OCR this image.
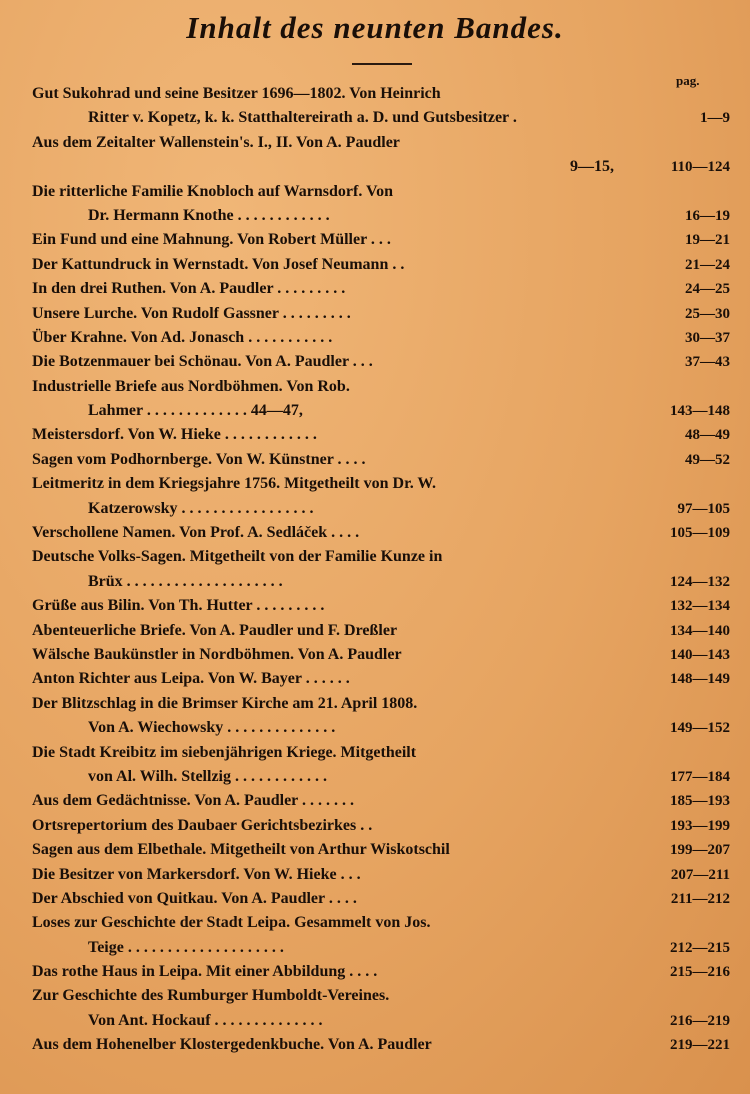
Inhalt des neunten Bandes.
pag.
Gut Sukohrad und seine Besitzer 1696—1802. Von Heinrich
Ritter v. Kopetz, k. k. Statthaltereirath a. D. und Gutsbesitzer .	1—9
Aus dem Zeitalter Wallenstein's. I., II. Von A. Paudler
9—15,	110—124
Die ritterliche Familie Knobloch auf Warnsdorf. Von
Dr. Hermann Knothe . . . . . . . . . . . .	16—19
Ein Fund und eine Mahnung. Von Robert Müller . . .	19—21
Der Kattundruck in Wernstadt. Von Josef Neumann . .	21—24
In den drei Ruthen. Von A. Paudler . . . . . . . . .	24—25
Unsere Lurche. Von Rudolf Gassner . . . . . . . . .	25—30
Über Krahne. Von Ad. Jonasch . . . . . . . . . . .	30—37
Die Botzenmauer bei Schönau. Von A. Paudler . . .	37—43
Industrielle Briefe aus Nordböhmen. Von Rob.
Lahmer . . . . . . . . . . . . . 44—47,	143—148
Meistersdorf. Von W. Hieke . . . . . . . . . . . .	48—49
Sagen vom Podhornberge. Von W. Künstner . . . .	49—52
Leitmeritz in dem Kriegsjahre 1756. Mitgetheilt von Dr. W.
Katzerowsky . . . . . . . . . . . . . . . . .	97—105
Verschollene Namen. Von Prof. A. Sedláček . . . .	105—109
Deutsche Volks-Sagen. Mitgetheilt von der Familie Kunze in
Brüx . . . . . . . . . . . . . . . . . . . .	124—132
Grüße aus Bilin. Von Th. Hutter . . . . . . . . .	132—134
Abenteuerliche Briefe. Von A. Paudler und F. Dreßler	134—140
Wälsche Baukünstler in Nordböhmen. Von A. Paudler	140—143
Anton Richter aus Leipa. Von W. Bayer . . . . . .	148—149
Der Blitzschlag in die Brimser Kirche am 21. April 1808.
Von A. Wiechowsky . . . . . . . . . . . . . .	149—152
Die Stadt Kreibitz im siebenjährigen Kriege. Mitgetheilt
von Al. Wilh. Stellzig . . . . . . . . . . . .	177—184
Aus dem Gedächtnisse. Von A. Paudler . . . . . . .	185—193
Ortsrepertorium des Daubaer Gerichtsbezirkes . .	193—199
Sagen aus dem Elbethale. Mitgetheilt von Arthur Wiskotschil	199—207
Die Besitzer von Markersdorf. Von W. Hieke . . .	207—211
Der Abschied von Quitkau. Von A. Paudler . . . .	211—212
Loses zur Geschichte der Stadt Leipa. Gesammelt von Jos.
Teige . . . . . . . . . . . . . . . . . . . .	212—215
Das rothe Haus in Leipa. Mit einer Abbildung . . . .	215—216
Zur Geschichte des Rumburger Humboldt-Vereines.
Von Ant. Hockauf . . . . . . . . . . . . . .	216—219
Aus dem Hohenelber Klostergedenkbuche. Von A. Paudler	219—221
